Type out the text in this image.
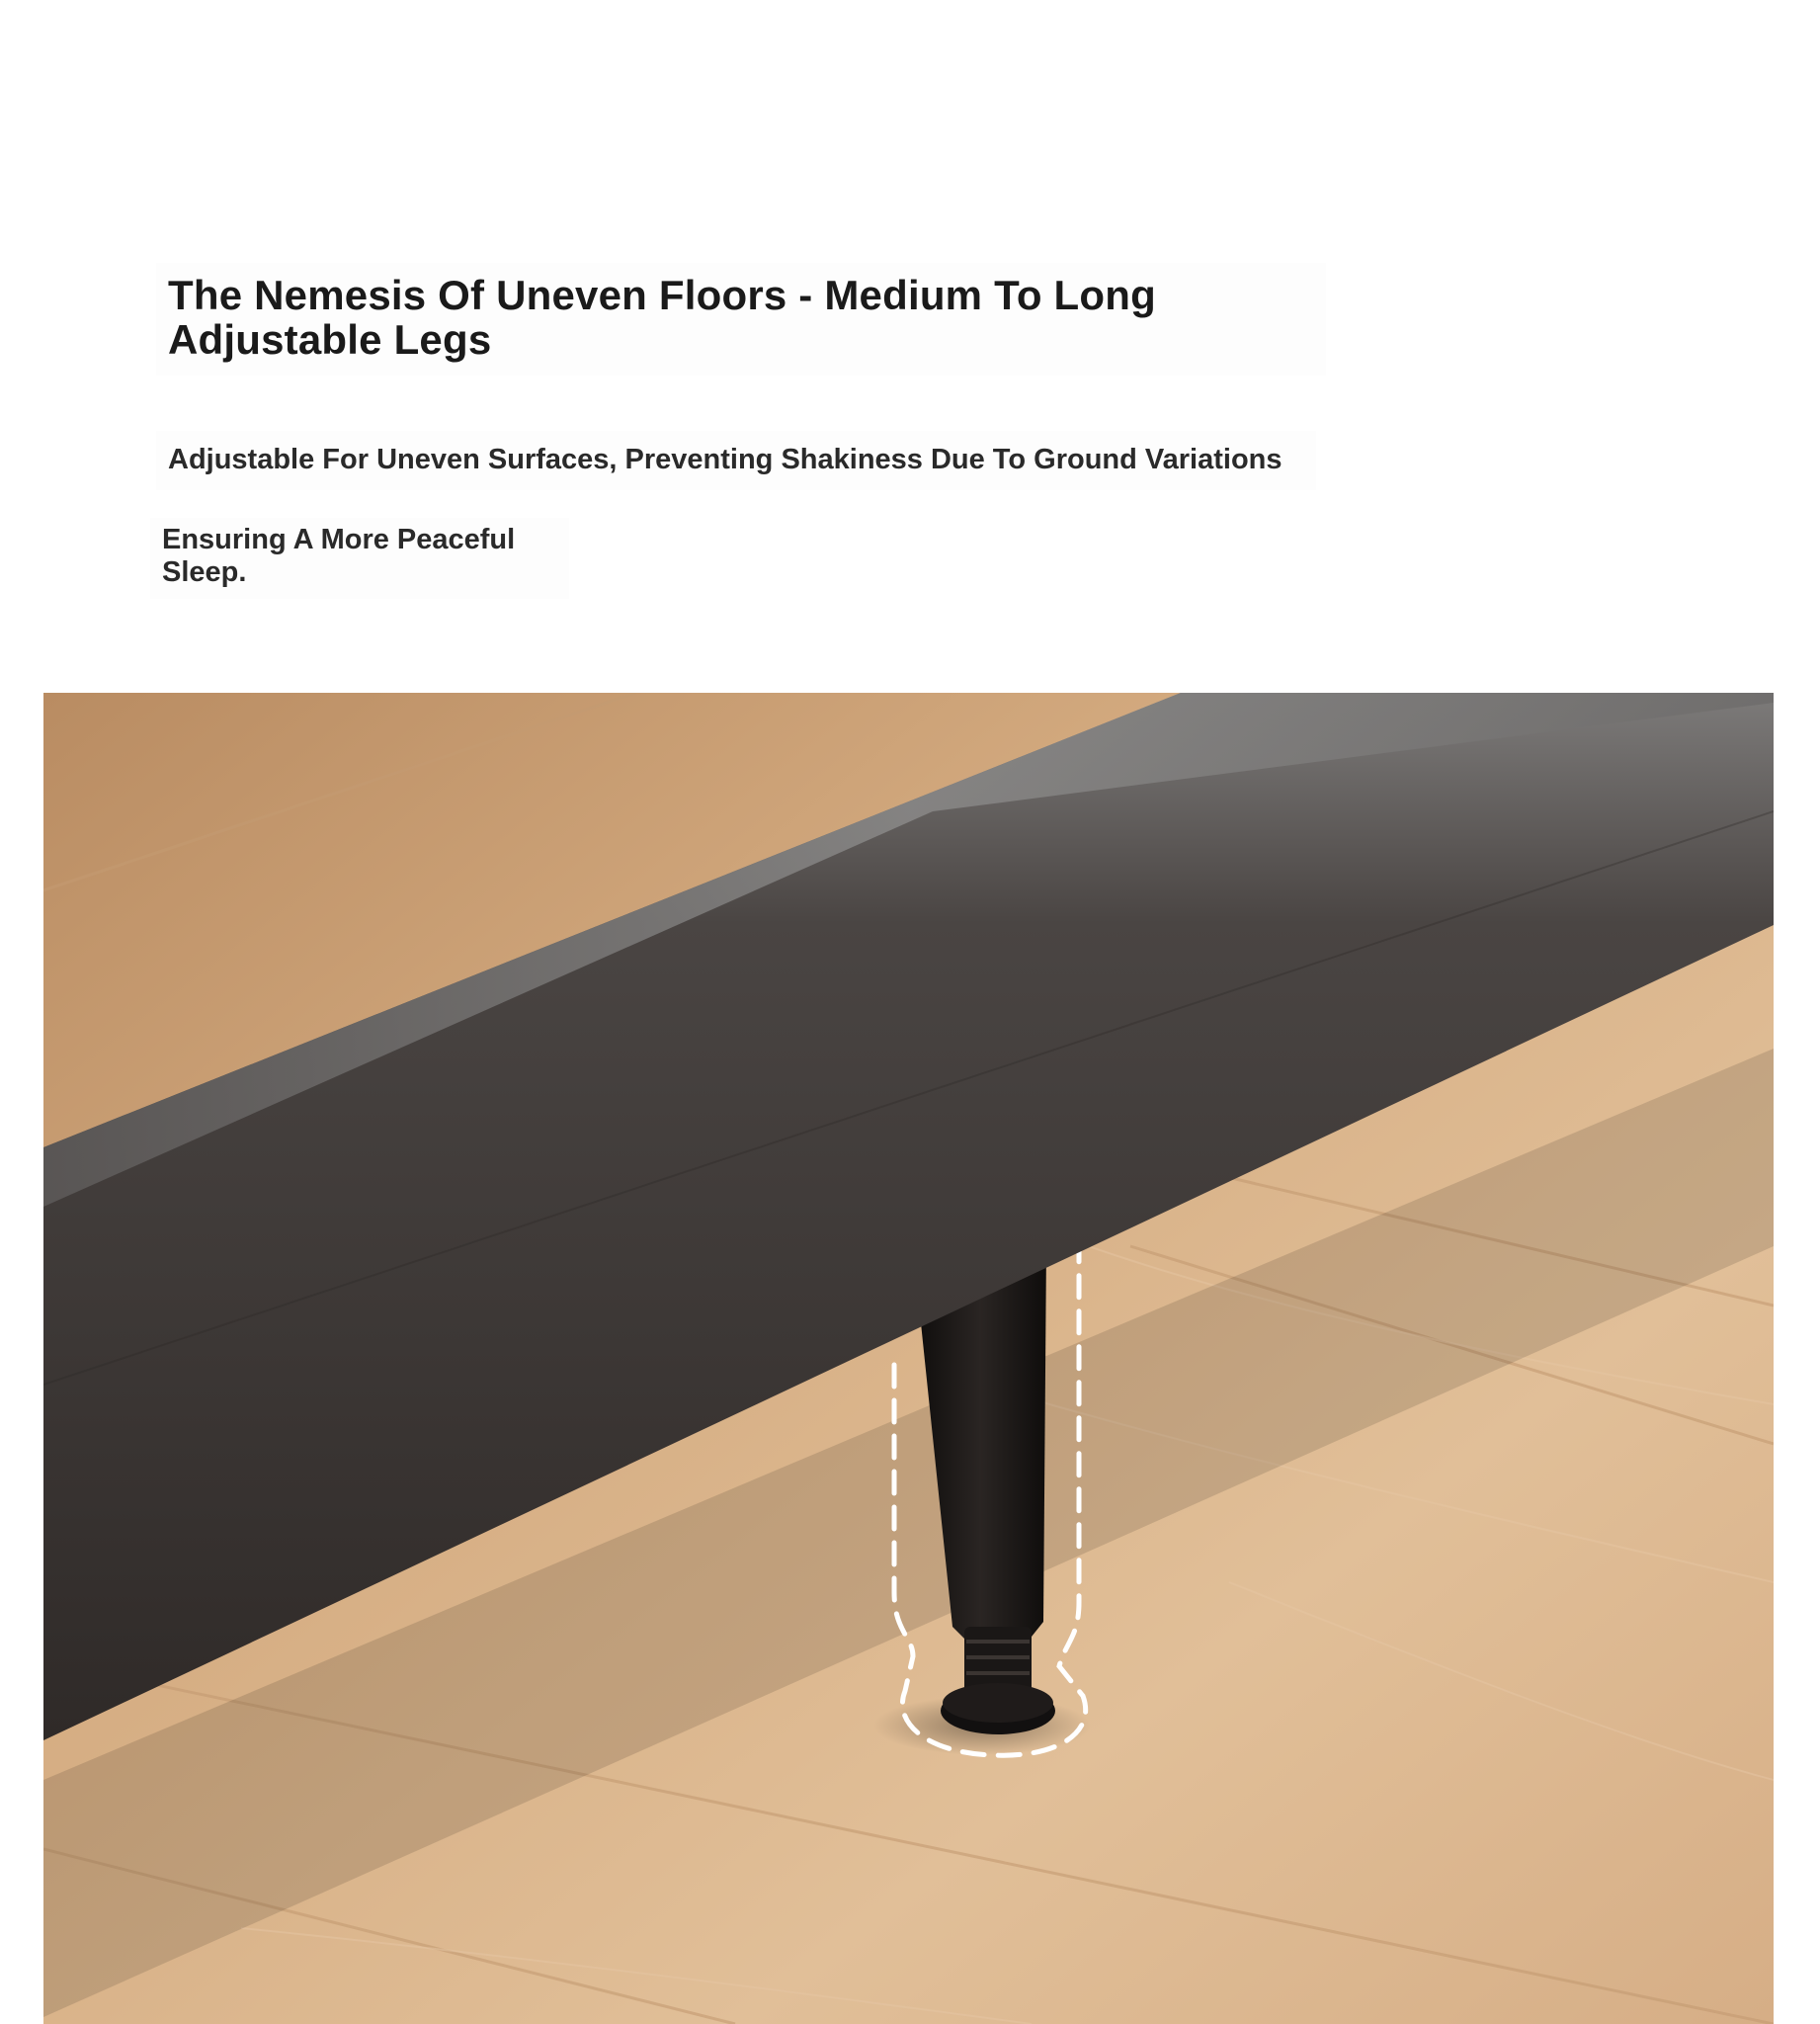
The Nemesis Of Uneven Floors - Medium To Long
Adjustable Legs
Adjustable For Uneven Surfaces, Preventing Shakiness Due To Ground Variations
Ensuring A More Peaceful
Sleep.
